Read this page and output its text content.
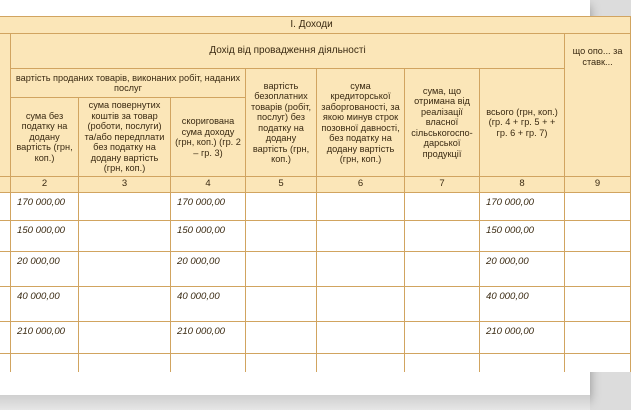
I. Доходи								
	Дохід від провадження діяльності							що опо... за ставк...
	вартість проданих товарів, виконаних робіт, наданих послуг			вартість безоплатних товарів (робіт, послуг) без податку на додану вартість (грн, коп.)	сума кредиторської заборгованості, за якою минув строк позовної давності, без податку на додану вартість (грн, коп.)	сума, що отримана від реалізації власної сільськогосподарської продукції	всього (грн, коп.) (гр. 4 + гр. 5 + + гр. 6 + гр. 7)	
	сума без податку на додану вартість (грн, коп.)	сума повернутих коштів за товар (роботи, послуги) та/або передплати без податку на додану вартість (грн, коп.)	скоригована сума доходу (грн, коп.) (гр. 2 – гр. 3)					
	2	3	4	5	6	7	8	9
	170 000,00		170 000,00				170 000,00	
	150 000,00		150 000,00				150 000,00	
	20 000,00		20 000,00				20 000,00	
	40 000,00		40 000,00				40 000,00	
	210 000,00		210 000,00				210 000,00	
